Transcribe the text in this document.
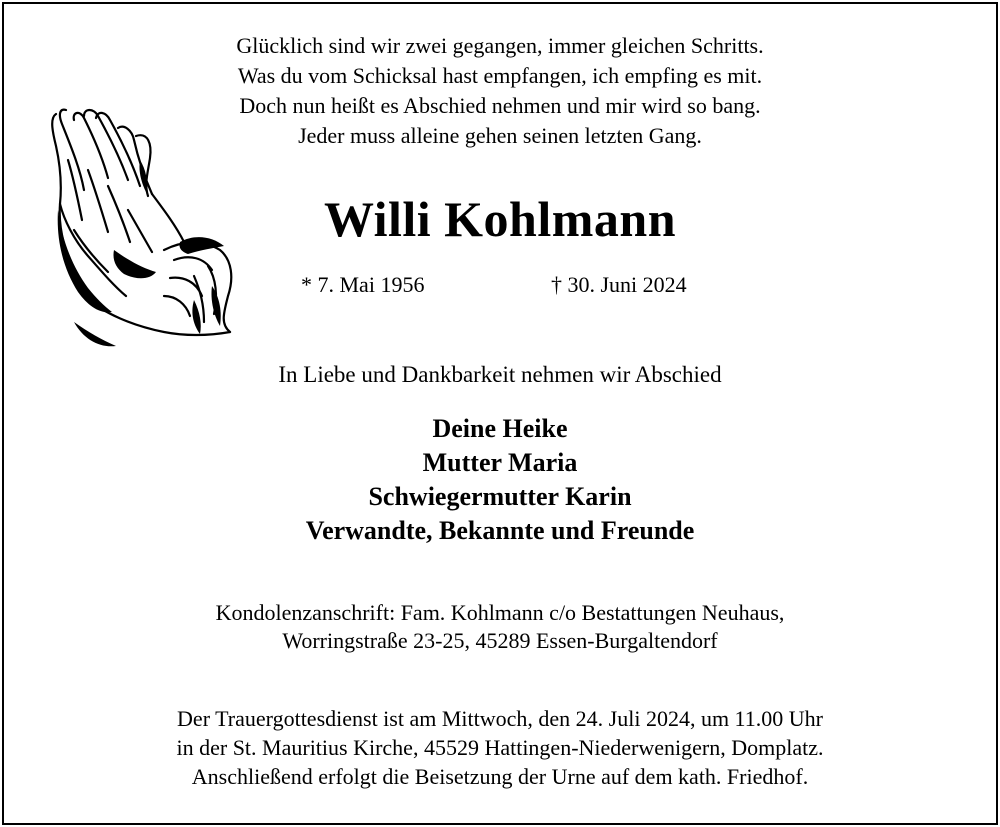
Glücklich sind wir zwei gegangen, immer gleichen Schritts.
Was du vom Schicksal hast empfangen, ich empfing es mit.
Doch nun heißt es Abschied nehmen und mir wird so bang.
Jeder muss alleine gehen seinen letzten Gang.
Willi Kohlmann
* 7. Mai 1956	† 30. Juni 2024
In Liebe und Dankbarkeit nehmen wir Abschied
Deine Heike
Mutter Maria
Schwiegermutter Karin
Verwandte, Bekannte und Freunde
Kondolenzanschrift: Fam. Kohlmann c/o Bestattungen Neuhaus,
Worringstraße 23-25, 45289 Essen-Burgaltendorf
Der Trauergottesdienst ist am Mittwoch, den 24. Juli 2024, um 11.00 Uhr
in der St. Mauritius Kirche, 45529 Hattingen-Niederwenigern, Domplatz.
Anschließend erfolgt die Beisetzung der Urne auf dem kath. Friedhof.
